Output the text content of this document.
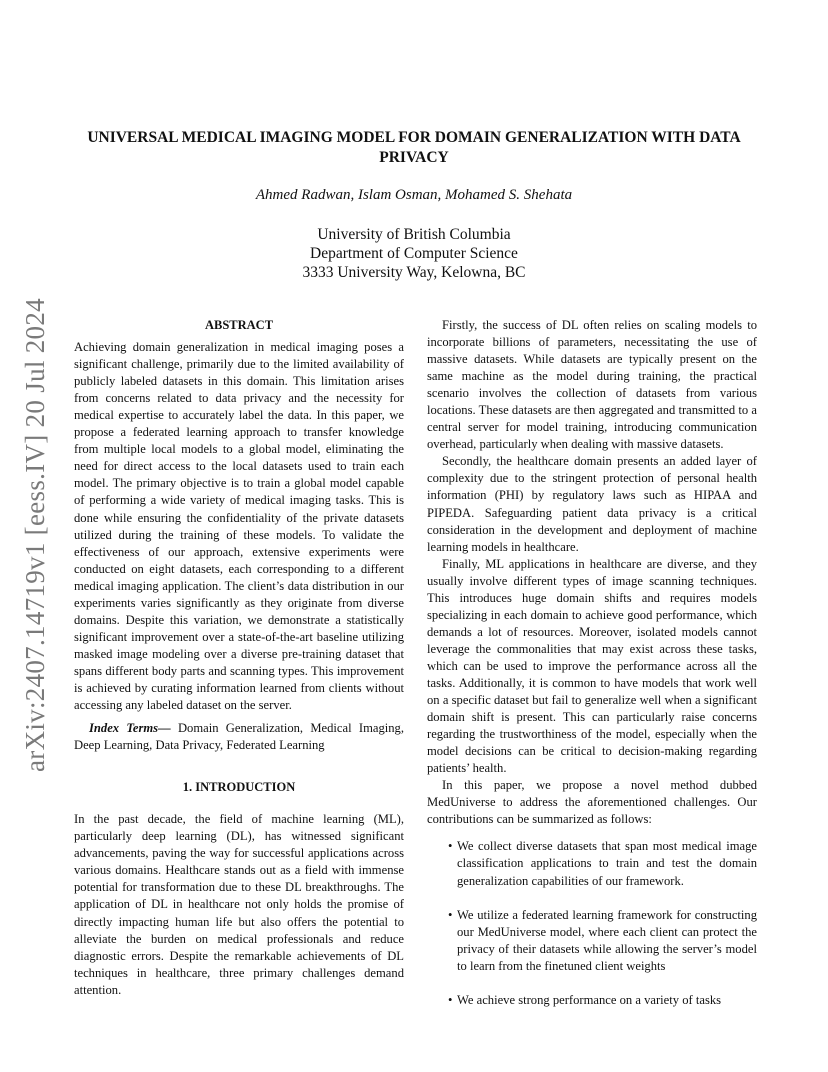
arXiv:2407.14719v1 [eess.IV] 20 Jul 2024
UNIVERSAL MEDICAL IMAGING MODEL FOR DOMAIN GENERALIZATION WITH DATA PRIVACY
Ahmed Radwan, Islam Osman, Mohamed S. Shehata
University of British Columbia
Department of Computer Science
3333 University Way, Kelowna, BC
ABSTRACT

Achieving domain generalization in medical imaging poses a significant challenge, primarily due to the limited availability of publicly labeled datasets in this domain. This limitation arises from concerns related to data privacy and the necessity for medical expertise to accurately label the data. In this paper, we propose a federated learning approach to transfer knowledge from multiple local models to a global model, eliminating the need for direct access to the local datasets used to train each model. The primary objective is to train a global model capable of performing a wide variety of medical imaging tasks. This is done while ensuring the confidentiality of the private datasets utilized during the training of these models. To validate the effectiveness of our approach, extensive experiments were conducted on eight datasets, each corresponding to a different medical imaging application. The client’s data distribution in our experiments varies significantly as they originate from diverse domains. Despite this variation, we demonstrate a statistically significant improvement over a state-of-the-art baseline utilizing masked image modeling over a diverse pre-training dataset that spans different body parts and scanning types. This improvement is achieved by curating information learned from clients without accessing any labeled dataset on the server.

Index Terms— Domain Generalization, Medical Imaging, Deep Learning, Data Privacy, Federated Learning

1. INTRODUCTION

In the past decade, the field of machine learning (ML), particularly deep learning (DL), has witnessed significant advancements, paving the way for successful applications across various domains. Healthcare stands out as a field with immense potential for transformation due to these DL breakthroughs. The application of DL in healthcare not only holds the promise of directly impacting human life but also offers the potential to alleviate the burden on medical professionals and reduce diagnostic errors. Despite the remarkable achievements of DL techniques in healthcare, three primary challenges demand attention.

Firstly, the success of DL often relies on scaling models to incorporate billions of parameters, necessitating the use of massive datasets. While datasets are typically present on the same machine as the model during training, the practical scenario involves the collection of datasets from various locations. These datasets are then aggregated and transmitted to a central server for model training, introducing communication overhead, particularly when dealing with massive datasets.

Secondly, the healthcare domain presents an added layer of complexity due to the stringent protection of personal health information (PHI) by regulatory laws such as HIPAA and PIPEDA. Safeguarding patient data privacy is a critical consideration in the development and deployment of machine learning models in healthcare.

Finally, ML applications in healthcare are diverse, and they usually involve different types of image scanning techniques. This introduces huge domain shifts and requires models specializing in each domain to achieve good performance, which demands a lot of resources. Moreover, isolated models cannot leverage the commonalities that may exist across these tasks, which can be used to improve the performance across all the tasks. Additionally, it is common to have models that work well on a specific dataset but fail to generalize well when a significant domain shift is present. This can particularly raise concerns regarding the trustworthiness of the model, especially when the model decisions can be critical to decision-making regarding patients’ health.

In this paper, we propose a novel method dubbed MedUniverse to address the aforementioned challenges. Our contributions can be summarized as follows:

• We collect diverse datasets that span most medical image classification applications to train and test the domain generalization capabilities of our framework.
• We utilize a federated learning framework for constructing our MedUniverse model, where each client can protect the privacy of their datasets while allowing the server’s model to learn from the finetuned client weights
• We achieve strong performance on a variety of tasks
